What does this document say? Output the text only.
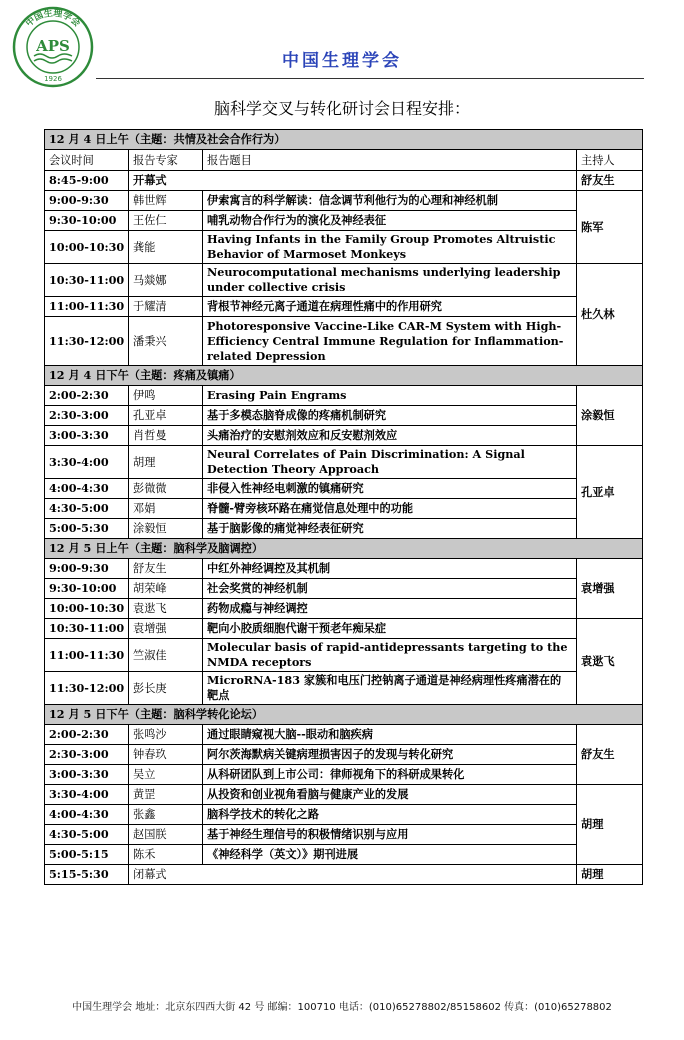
中国生理学会
APS
1926
中国生理学会
脑科学交叉与转化研讨会日程安排：
12 月 4 日上午（主题：共情及社会合作行为）			
会议时间	报告专家	报告题目	主持人
8:45-9:00	开幕式		舒友生
9:00-9:30	韩世辉	伊索寓言的科学解读：信念调节利他行为的心理和神经机制	陈军
9:30-10:00	王佐仁	哺乳动物合作行为的演化及神经表征	
10:00-10:30	龚能	Having Infants in the Family Group Promotes Altruistic Behavior of Marmoset Monkeys	
10:30-11:00	马燚娜	Neurocomputational mechanisms underlying leadership under collective crisis	杜久林
11:00-11:30	于耀清	背根节神经元离子通道在病理性痛中的作用研究	
11:30-12:00	潘秉兴	Photoresponsive Vaccine-Like CAR-M System with High-Efficiency Central Immune Regulation for Inflammation-related Depression	
12 月 4 日下午（主题：疼痛及镇痛）			
2:00-2:30	伊鸣	Erasing Pain Engrams	涂毅恒
2:30-3:00	孔亚卓	基于多模态脑脊成像的疼痛机制研究	
3:00-3:30	肖哲曼	头痛治疗的安慰剂效应和反安慰剂效应	
3:30-4:00	胡理	Neural Correlates of Pain Discrimination: A Signal Detection Theory Approach	孔亚卓
4:00-4:30	彭微微	非侵入性神经电刺激的镇痛研究	
4:30-5:00	邓娟	脊髓-臂旁核环路在痛觉信息处理中的功能	
5:00-5:30	涂毅恒	基于脑影像的痛觉神经表征研究	
12 月 5 日上午（主题：脑科学及脑调控）			
9:00-9:30	舒友生	中红外神经调控及其机制	袁增强
9:30-10:00	胡荣峰	社会奖赏的神经机制	
10:00-10:30	袁逖飞	药物成瘾与神经调控	
10:30-11:00	袁增强	靶向小胶质细胞代谢干预老年痴呆症	袁逖飞
11:00-11:30	竺淑佳	Molecular basis of rapid-antidepressants targeting to the NMDA receptors	
11:30-12:00	彭长庚	MicroRNA-183 家簇和电压门控钠离子通道是神经病理性疼痛潜在的靶点	
12 月 5 日下午（主题：脑科学转化论坛）			
2:00-2:30	张鸣沙	通过眼睛窥视大脑--眼动和脑疾病	舒友生
2:30-3:00	钟春玖	阿尔茨海默病关键病理损害因子的发现与转化研究	
3:00-3:30	吴立	从科研团队到上市公司：律师视角下的科研成果转化	
3:30-4:00	黄罡	从投资和创业视角看脑与健康产业的发展	胡理
4:00-4:30	张鑫	脑科学技术的转化之路	
4:30-5:00	赵国朕	基于神经生理信号的积极情绪识别与应用	
5:00-5:15	陈禾	《神经科学（英文）》期刊进展	
5:15-5:30	闭幕式		胡理
中国生理学会 地址：北京东四西大街 42 号 邮编：100710 电话：(010)65278802/85158602 传真：(010)65278802
